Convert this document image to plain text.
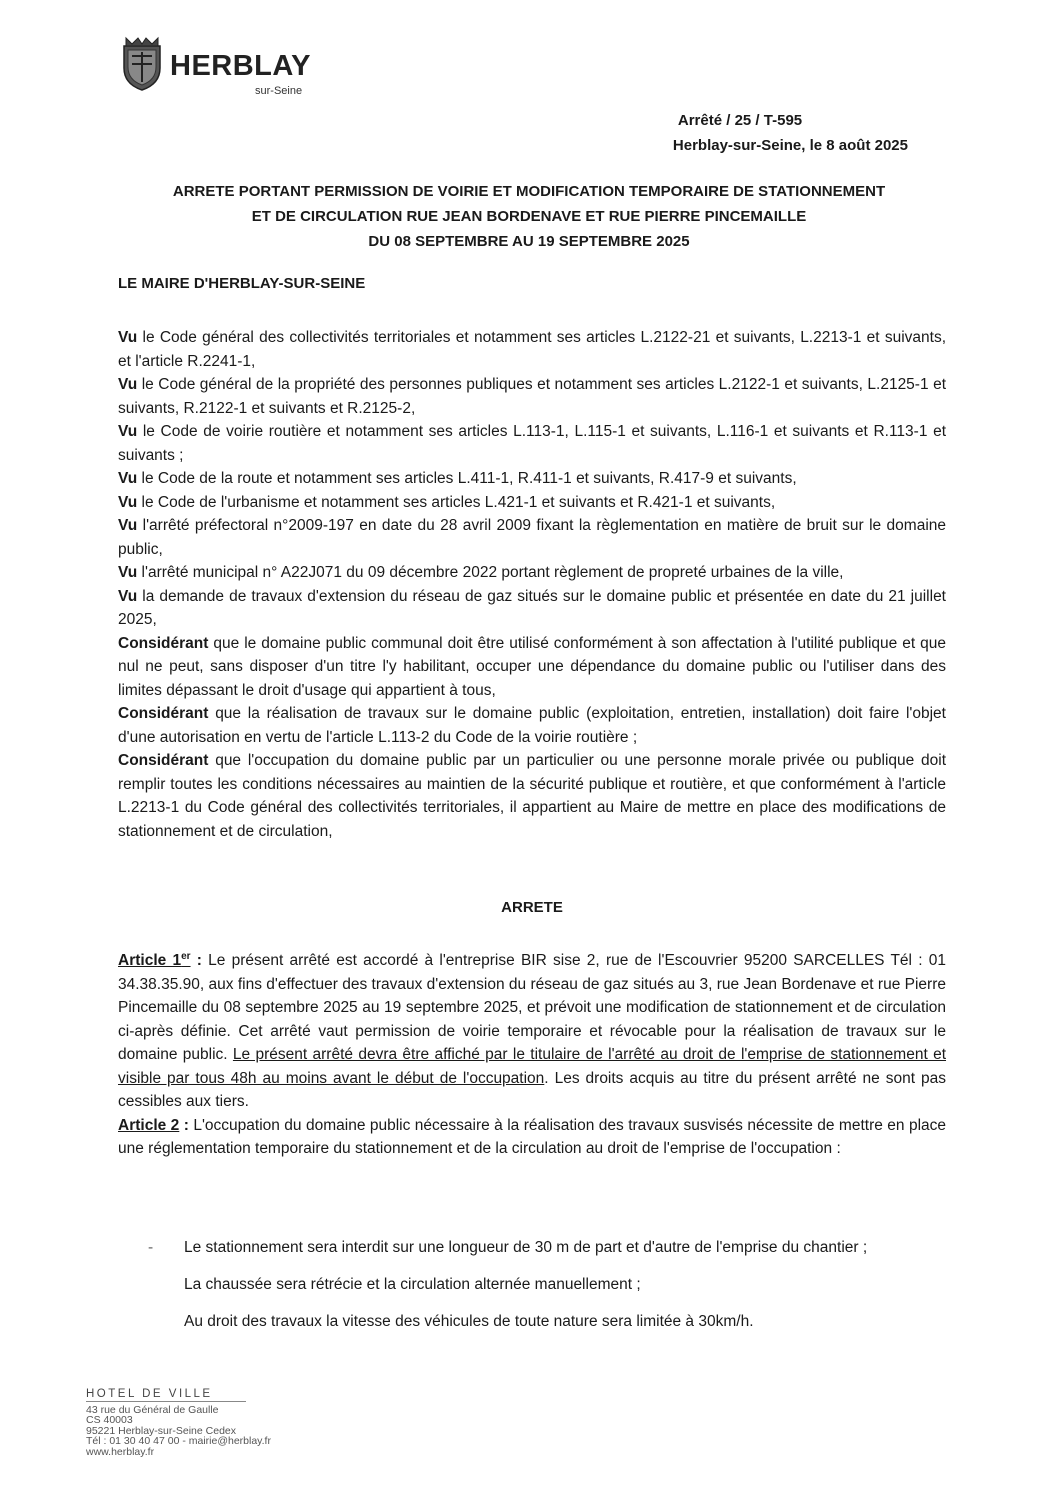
HERBLAY
sur-Seine
Arrêté / 25 / T-595
Herblay-sur-Seine, le 8 août 2025
ARRETE PORTANT PERMISSION DE VOIRIE ET MODIFICATION TEMPORAIRE DE STATIONNEMENT
ET DE CIRCULATION RUE JEAN BORDENAVE ET RUE PIERRE PINCEMAILLE
DU 08 SEPTEMBRE AU 19 SEPTEMBRE 2025
LE MAIRE D'HERBLAY-SUR-SEINE

Vu le Code général des collectivités territoriales et notamment ses articles L.2122-21 et suivants, L.2213-1 et suivants, et l'article R.2241-1,

Vu le Code général de la propriété des personnes publiques et notamment ses articles L.2122-1 et suivants, L.2125-1 et suivants, R.2122-1 et suivants et R.2125-2,

Vu le Code de voirie routière et notamment ses articles L.113-1, L.115-1 et suivants, L.116-1 et suivants et R.113-1 et suivants ;

Vu le Code de la route et notamment ses articles L.411-1, R.411-1 et suivants, R.417-9 et suivants,

Vu le Code de l'urbanisme et notamment ses articles L.421-1 et suivants et R.421-1 et suivants,

Vu l'arrêté préfectoral n°2009-197 en date du 28 avril 2009 fixant la règlementation en matière de bruit sur le domaine public,

Vu l'arrêté municipal n° A22J071 du 09 décembre 2022 portant règlement de propreté urbaines de la ville,

Vu la demande de travaux d'extension du réseau de gaz situés sur le domaine public et présentée en date du 21 juillet 2025,

Considérant que le domaine public communal doit être utilisé conformément à son affectation à l'utilité publique et que nul ne peut, sans disposer d'un titre l'y habilitant, occuper une dépendance du domaine public ou l'utiliser dans des limites dépassant le droit d'usage qui appartient à tous,

Considérant que la réalisation de travaux sur le domaine public (exploitation, entretien, installation) doit faire l'objet d'une autorisation en vertu de l'article L.113-2 du Code de la voirie routière ;

Considérant que l'occupation du domaine public par un particulier ou une personne morale privée ou publique doit remplir toutes les conditions nécessaires au maintien de la sécurité publique et routière, et que conformément à l'article L.2213-1 du Code général des collectivités territoriales, il appartient au Maire de mettre en place des modifications de stationnement et de circulation,

ARRETE

Article 1er : Le présent arrêté est accordé à l'entreprise BIR sise 2, rue de l'Escouvrier 95200 SARCELLES Tél : 01 34.38.35.90, aux fins d'effectuer des travaux d'extension du réseau de gaz situés au 3, rue Jean Bordenave et rue Pierre Pincemaille du 08 septembre 2025 au 19 septembre 2025, et prévoit une modification de stationnement et de circulation ci-après définie. Cet arrêté vaut permission de voirie temporaire et révocable pour la réalisation de travaux sur le domaine public. Le présent arrêté devra être affiché par le titulaire de l'arrêté au droit de l'emprise de stationnement et visible par tous 48h au moins avant le début de l'occupation. Les droits acquis au titre du présent arrêté ne sont pas cessibles aux tiers.

Article 2 : L'occupation du domaine public nécessaire à la réalisation des travaux susvisés nécessite de mettre en place une réglementation temporaire du stationnement et de la circulation au droit de l'emprise de l'occupation :

- Le stationnement sera interdit sur une longueur de 30 m de part et d'autre de l'emprise du chantier ;
La chaussée sera rétrécie et la circulation alternée manuellement ;
Au droit des travaux la vitesse des véhicules de toute nature sera limitée à 30km/h.
HOTEL DE VILLE
43 rue du Général de Gaulle
CS 40003
95221 Herblay-sur-Seine Cedex
Tél : 01 30 40 47 00 - mairie@herblay.fr
www.herblay.fr
